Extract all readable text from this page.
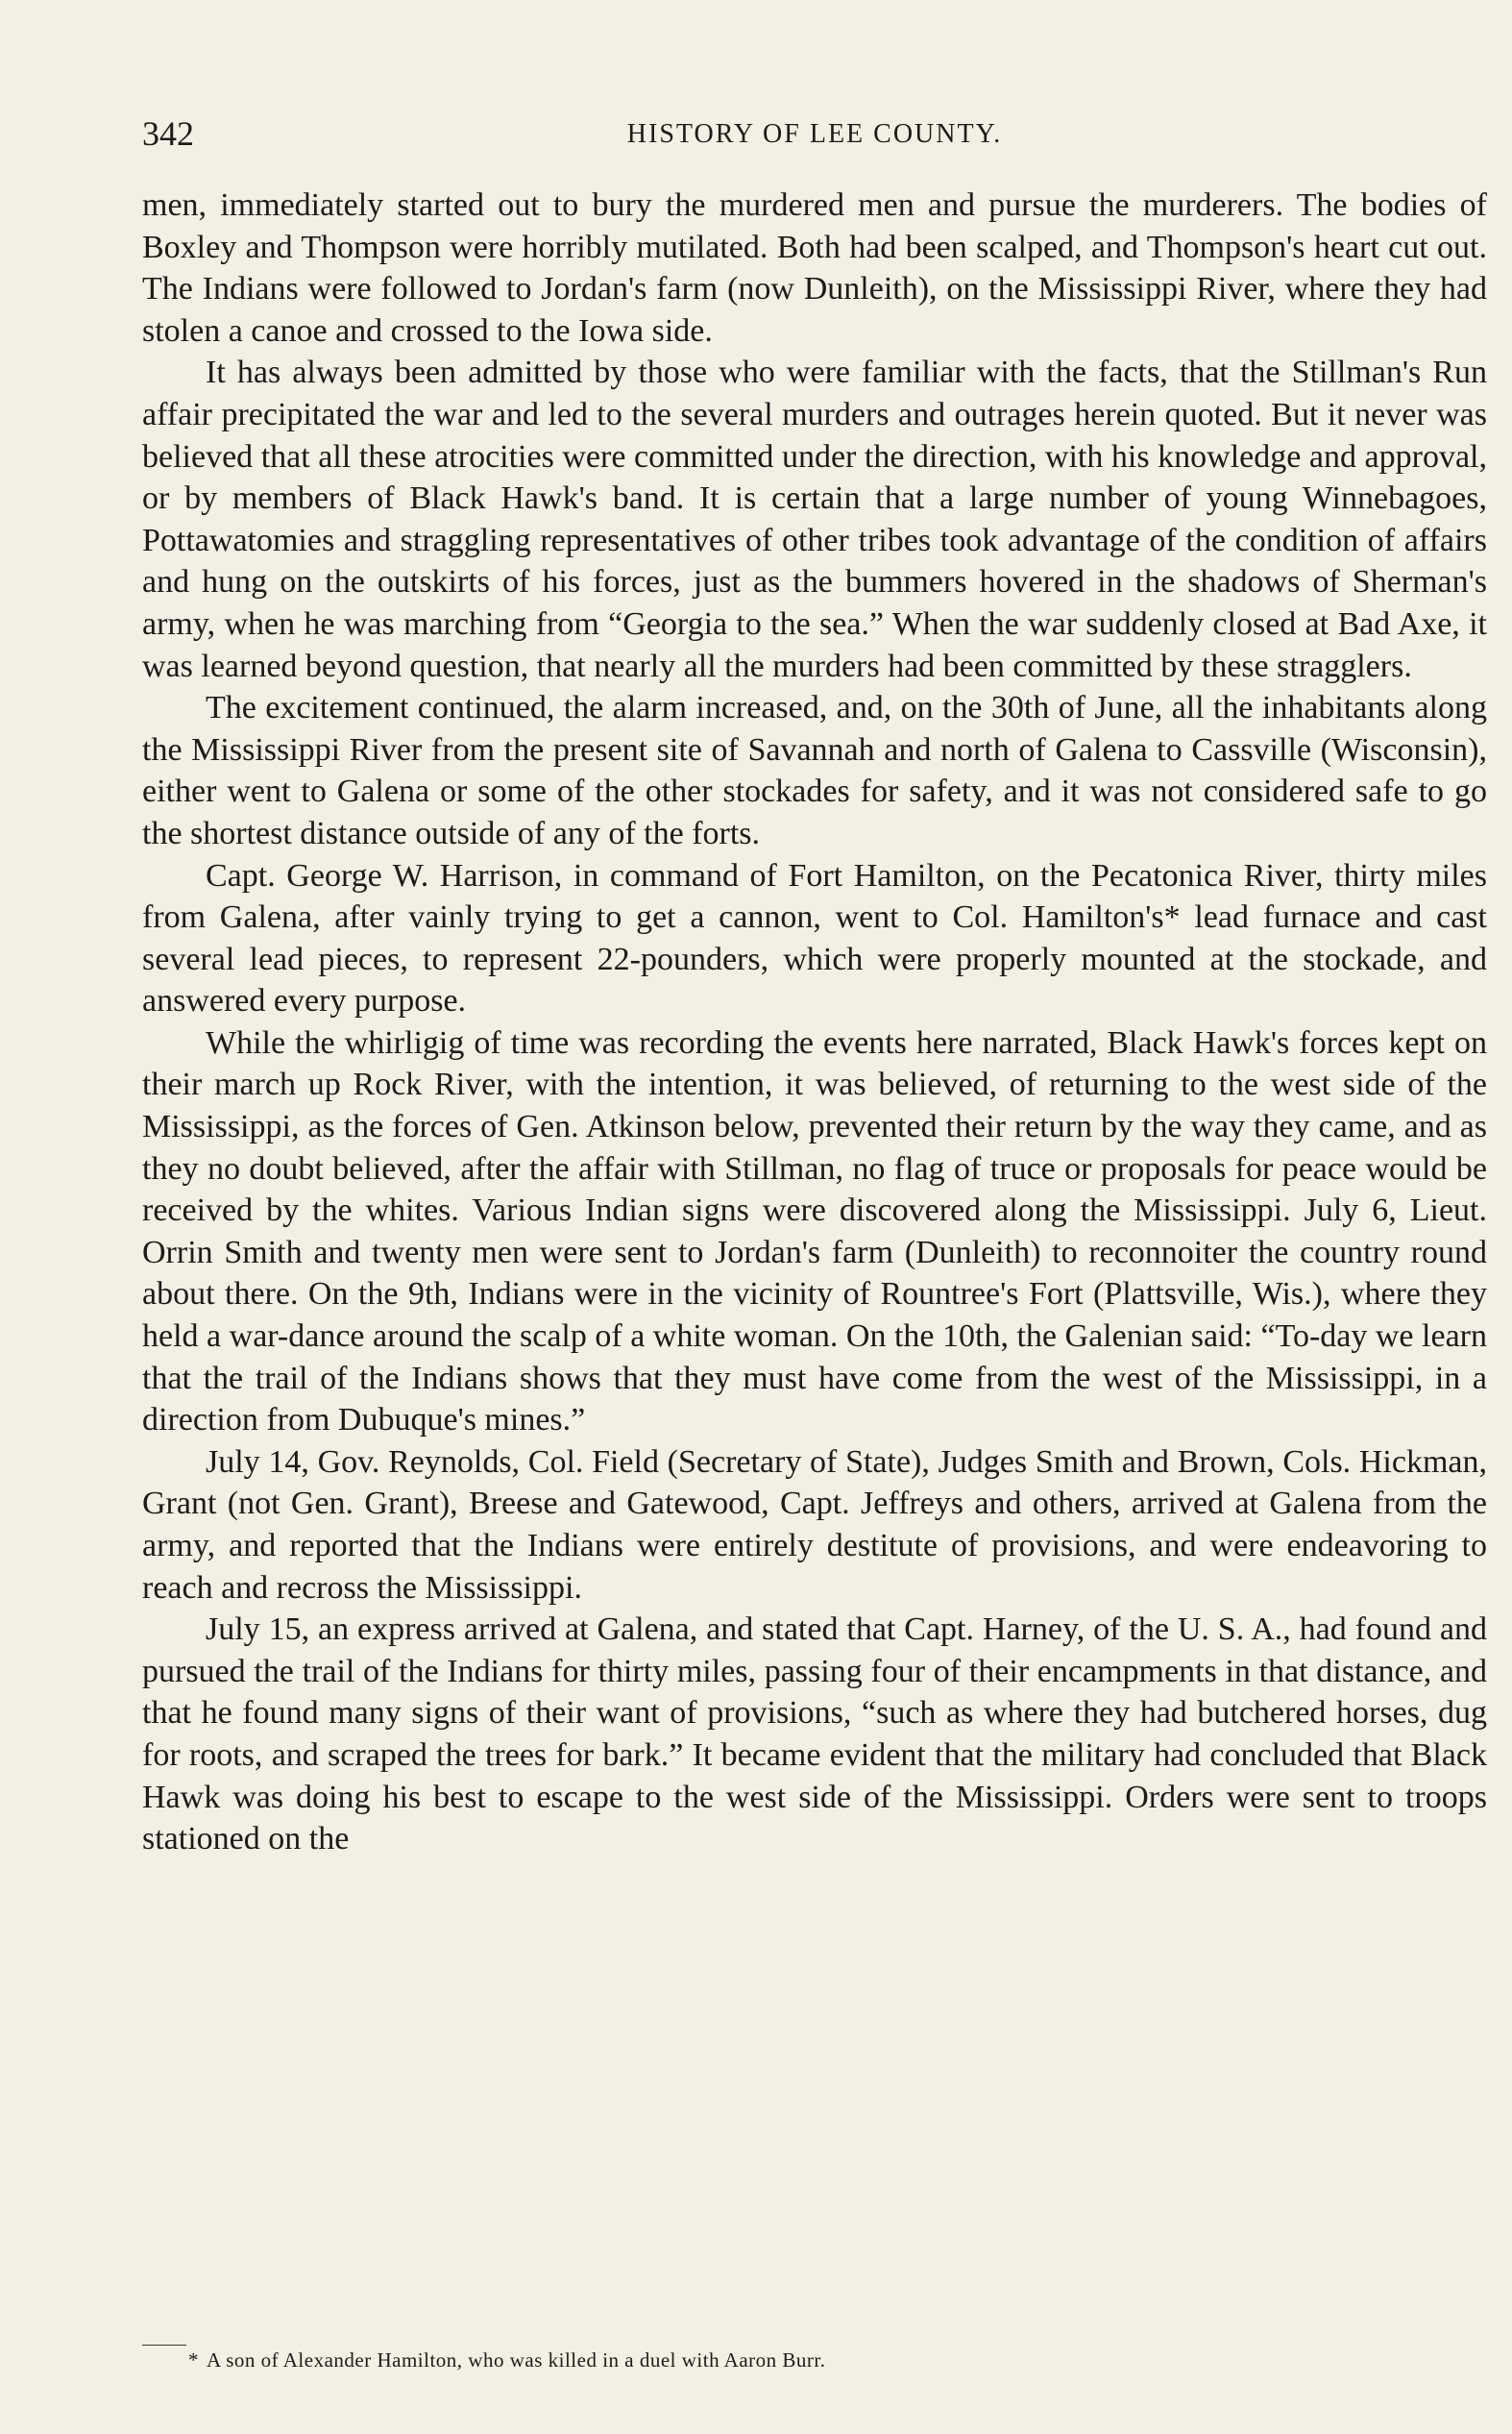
342	HISTORY OF LEE COUNTY.

men, immediately started out to bury the murdered men and pursue the murderers. The bodies of Boxley and Thompson were horribly mutilated. Both had been scalped, and Thompson's heart cut out. The Indians were followed to Jordan's farm (now Dunleith), on the Mississippi River, where they had stolen a canoe and crossed to the Iowa side.

It has always been admitted by those who were familiar with the facts, that the Stillman's Run affair precipitated the war and led to the several murders and outrages herein quoted. But it never was believed that all these atrocities were committed under the direction, with his knowledge and approval, or by members of Black Hawk's band. It is certain that a large number of young Winnebagoes, Pottawatomies and straggling representatives of other tribes took advantage of the condition of affairs and hung on the outskirts of his forces, just as the bummers hovered in the shadows of Sherman's army, when he was marching from “Georgia to the sea.” When the war suddenly closed at Bad Axe, it was learned beyond question, that nearly all the murders had been committed by these stragglers.

The excitement continued, the alarm increased, and, on the 30th of June, all the inhabitants along the Mississippi River from the present site of Savannah and north of Galena to Cassville (Wisconsin), either went to Galena or some of the other stockades for safety, and it was not considered safe to go the shortest distance outside of any of the forts.

Capt. George W. Harrison, in command of Fort Hamilton, on the Pecatonica River, thirty miles from Galena, after vainly trying to get a cannon, went to Col. Hamilton's* lead furnace and cast several lead pieces, to represent 22-pounders, which were properly mounted at the stockade, and answered every purpose.

While the whirligig of time was recording the events here narrated, Black Hawk's forces kept on their march up Rock River, with the intention, it was believed, of returning to the west side of the Mississippi, as the forces of Gen. Atkinson below, prevented their return by the way they came, and as they no doubt believed, after the affair with Stillman, no flag of truce or proposals for peace would be received by the whites. Various Indian signs were discovered along the Mississippi. July 6, Lieut. Orrin Smith and twenty men were sent to Jordan's farm (Dunleith) to reconnoiter the country round about there. On the 9th, Indians were in the vicinity of Rountree's Fort (Plattsville, Wis.), where they held a war-dance around the scalp of a white woman. On the 10th, the Galenian said: “To-day we learn that the trail of the Indians shows that they must have come from the west of the Mississippi, in a direction from Dubuque's mines.”

July 14, Gov. Reynolds, Col. Field (Secretary of State), Judges Smith and Brown, Cols. Hickman, Grant (not Gen. Grant), Breese and Gatewood, Capt. Jeffreys and others, arrived at Galena from the army, and reported that the Indians were entirely destitute of provisions, and were endeavoring to reach and recross the Mississippi.

July 15, an express arrived at Galena, and stated that Capt. Harney, of the U. S. A., had found and pursued the trail of the Indians for thirty miles, passing four of their encampments in that distance, and that he found many signs of their want of provisions, “such as where they had butchered horses, dug for roots, and scraped the trees for bark.” It became evident that the military had concluded that Black Hawk was doing his best to escape to the west side of the Mississippi. Orders were sent to troops stationed on the

* A son of Alexander Hamilton, who was killed in a duel with Aaron Burr.
